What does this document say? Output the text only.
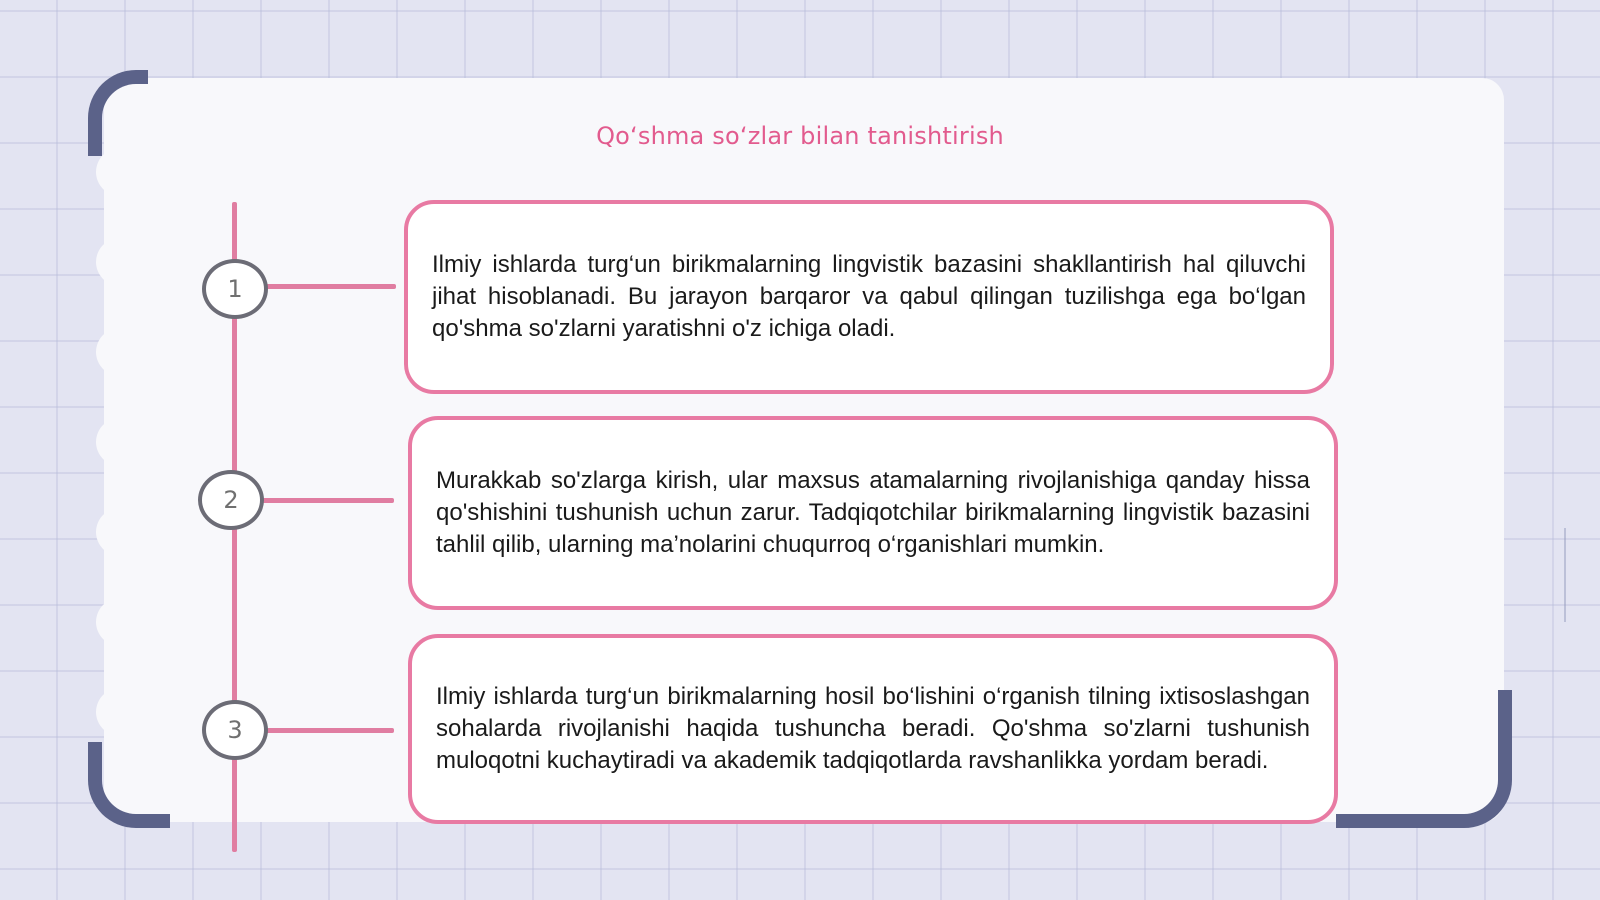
Qo‘shma so‘zlar bilan tanishtirish
1
2
3

Ilmiy ishlarda turg‘un birikmalarning lingvistik bazasini shakllantirish hal qiluvchi jihat hisoblanadi. Bu jarayon barqaror va qabul qilingan tuzilishga ega bo‘lgan qo'shma so'zlarni yaratishni o'z ichiga oladi.

Murakkab so'zlarga kirish, ular maxsus atamalarning rivojlanishiga qanday hissa qo'shishini tushunish uchun zarur. Tadqiqotchilar birikmalarning lingvistik bazasini tahlil qilib, ularning ma’nolarini chuqurroq o‘rganishlari mumkin.

Ilmiy ishlarda turg‘un birikmalarning hosil bo‘lishini o‘rganish tilning ixtisoslashgan sohalarda rivojlanishi haqida tushuncha beradi. Qo'shma so'zlarni tushunish muloqotni kuchaytiradi va akademik tadqiqotlarda ravshanlikka yordam beradi.
